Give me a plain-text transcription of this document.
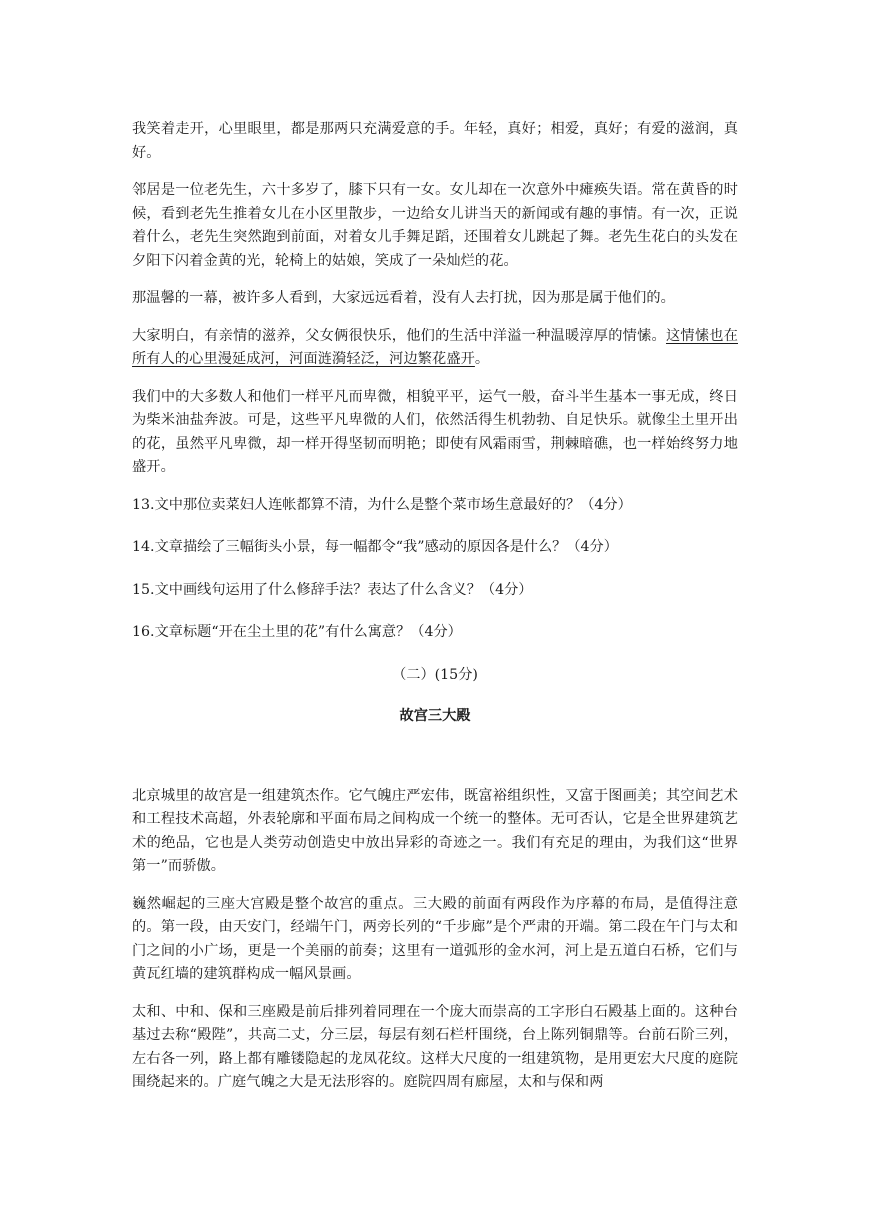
我笑着走开，心里眼里，都是那两只充满爱意的手。年轻，真好；相爱，真好；有爱的滋润，真好。

邻居是一位老先生，六十多岁了，膝下只有一女。女儿却在一次意外中瘫痪失语。常在黄昏的时候，看到老先生推着女儿在小区里散步，一边给女儿讲当天的新闻或有趣的事情。有一次，正说着什么，老先生突然跑到前面，对着女儿手舞足蹈，还围着女儿跳起了舞。老先生花白的头发在夕阳下闪着金黄的光，轮椅上的姑娘，笑成了一朵灿烂的花。

那温馨的一幕，被许多人看到，大家远远看着，没有人去打扰，因为那是属于他们的。

大家明白，有亲情的滋养，父女俩很快乐，他们的生活中洋溢一种温暖淳厚的情愫。这情愫也在所有人的心里漫延成河，河面涟漪轻泛，河边繁花盛开。

我们中的大多数人和他们一样平凡而卑微，相貌平平，运气一般，奋斗半生基本一事无成，终日为柴米油盐奔波。可是，这些平凡卑微的人们，依然活得生机勃勃、自足快乐。就像尘土里开出的花，虽然平凡卑微，却一样开得坚韧而明艳；即使有风霜雨雪，荆棘暗礁，也一样始终努力地盛开。

13.文中那位卖菜妇人连帐都算不清，为什么是整个菜市场生意最好的？（4分）

14.文章描绘了三幅街头小景，每一幅都令“我”感动的原因各是什么？（4分）

15.文中画线句运用了什么修辞手法？表达了什么含义？（4分）

16.文章标题“开在尘土里的花”有什么寓意？（4分）

（二）(15分)

故宫三大殿

北京城里的故宫是一组建筑杰作。它气魄庄严宏伟，既富裕组织性，又富于图画美；其空间艺术和工程技术高超，外表轮廓和平面布局之间构成一个统一的整体。无可否认，它是全世界建筑艺术的绝品，它也是人类劳动创造史中放出异彩的奇迹之一。我们有充足的理由，为我们这“世界第一”而骄傲。

巍然崛起的三座大宫殿是整个故宫的重点。三大殿的前面有两段作为序幕的布局，是值得注意的。第一段，由天安门，经端午门，两旁长列的“千步廊”是个严肃的开端。第二段在午门与太和门之间的小广场，更是一个美丽的前奏；这里有一道弧形的金水河，河上是五道白石桥，它们与黄瓦红墙的建筑群构成一幅风景画。

太和、中和、保和三座殿是前后排列着同理在一个庞大而崇高的工字形白石殿基上面的。这种台基过去称“殿陛”，共高二丈，分三层，每层有刻石栏杆围绕，台上陈列铜鼎等。台前石阶三列，左右各一列，路上都有雕镂隐起的龙凤花纹。这样大尺度的一组建筑物，是用更宏大尺度的庭院围绕起来的。广庭气魄之大是无法形容的。庭院四周有廊屋，太和与保和两
